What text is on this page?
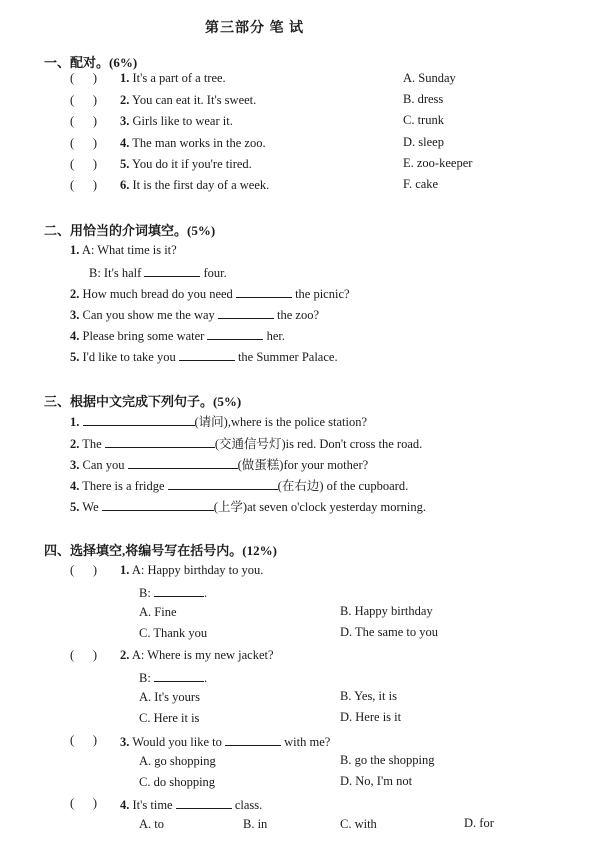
第三部分 笔 试
一、配对。(6%)
(      ) 1. It's a part of a tree.	A. Sunday
(      ) 2. You can eat it. It's sweet.	B. dress
(      ) 3. Girls like to wear it.	C. trunk
(      ) 4. The man works in the zoo.	D. sleep
(      ) 5. You do it if you're tired.	E. zoo-keeper
(      ) 6. It is the first day of a week.	F. cake
二、用恰当的介词填空。(5%)
1. A: What time is it?
B: It's half	four.
2. How much bread do you need	the picnic?
3. Can you show me the way	the zoo?
4. Please bring some water	her.
5. I'd like to take you	the Summer Palace.
三、根据中文完成下列句子。(5%)
1.	(请问),where is the police station?
2. The	(交通信号灯)is red. Don't cross the road.
3. Can you	(做蛋糕)for your mother?
4. There is a fridge	(在右边) of the cupboard.
5. We	(上学)at seven o'clock yesterday morning.
四、选择填空,将编号写在括号内。(12%)
(      ) 1. A: Happy birthday to you.
B:	.
A. Fine	B. Happy birthday
C. Thank you	D. The same to you
(      ) 2. A: Where is my new jacket?
B:	.
A. It's yours	B. Yes, it is
C. Here it is	D. Here is it
(      ) 3. Would you like to	with me?
A. go shopping	B. go the shopping
C. do shopping	D. No, I'm not
(      ) 4. It's time	class.
A. to	B. in	C. with	D. for
